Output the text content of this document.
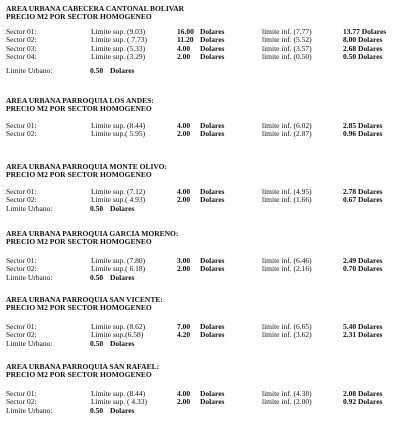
AREA URBANA CABECERA CANTONAL BOLIVAR
PRECIO M2 POR SECTOR HOMOGENEO
Sector 01:	Limite sup. (9.03)	16.00 Dolares	limite inf. (7.77)	13.77 Dolares
Sector 02:	Limite sup. ( 7.73)	11.20 Dolares	limite inf. (5.52)	8.00 Dolares
Sector 03:	Limite sup. (5.33)	4.00 Dolares	limite inf. (3.57)	2.68 Dolares
Sector 04:	Limite sup. (3.29)	2.00 Dolares	limite inf. (0.50)	0.50 Dolares
Limite Urbano:	0.50 Dolares
AREA URBANA PARROQUIA LOS ANDES:
PRECIO M2 POR SECTOR HOMOGENEO
Sector 01:	Limite sup. (8.44)	4.00 Dolares	limite inf. (6.02)	2.85 Dolares
Sector 02:	Limite sup.( 5.95)	2.00 Dolares	limite inf. (2.87)	0.96 Dolares
AREA URBANA PARROQUIA MONTE OLIVO:
PRECIO M2 POR SECTOR HOMOGENEO
Sector 01:	Limite sup. (7.12)	4.00 Dolares	limite inf. (4.95)	2.78 Dolares
Sector 02:	Limite sup.( 4.93)	2.00 Dolares	limite inf. (1.66)	0.67 Dolares
Limite Urbano:	0.50 Dolares
AREA URBANA PARROQUIA GARCIA MORENO:
PRECIO M2 POR SECTOR HOMOGENEO
Sector 01:	Limite sup. (7.80)	3.00 Dolares	limite inf. (6.46)	2.49 Dolares
Sector 02:	Limite sup.( 6.18)	2.00 Dolares	limite inf. (2.16)	0.70 Dolares
Limite Urbano:	0.50 Dolares
AREA URBANA PARROQUIA SAN VICENTE:
PRECIO M2 POR SECTOR HOMOGENEO
Sector 01:	Limite sup. (8.62)	7.00 Dolares	limite inf. (6.65)	5.40 Dolares
Sector 02:	Limite sup.(6.58)	4.20 Dolares	limite inf. (3.62)	2.31 Dolares
Limite Urbano:	0.50 Dolares
AREA URBANA PARROQUIA SAN RAFAEL:
PRECIO M2 POR SECTOR HOMOGENEO
Sector 01:	Limite sup. (8.44)	4.00 Dolares	limite inf. (4.38)	2.08 Dolares
Sector 02:	Limite sup. ( 4.33)	2.00 Dolares	limite inf. (2.00)	0.92 Dolares
Limite Urbano:	0.50 Dolares
